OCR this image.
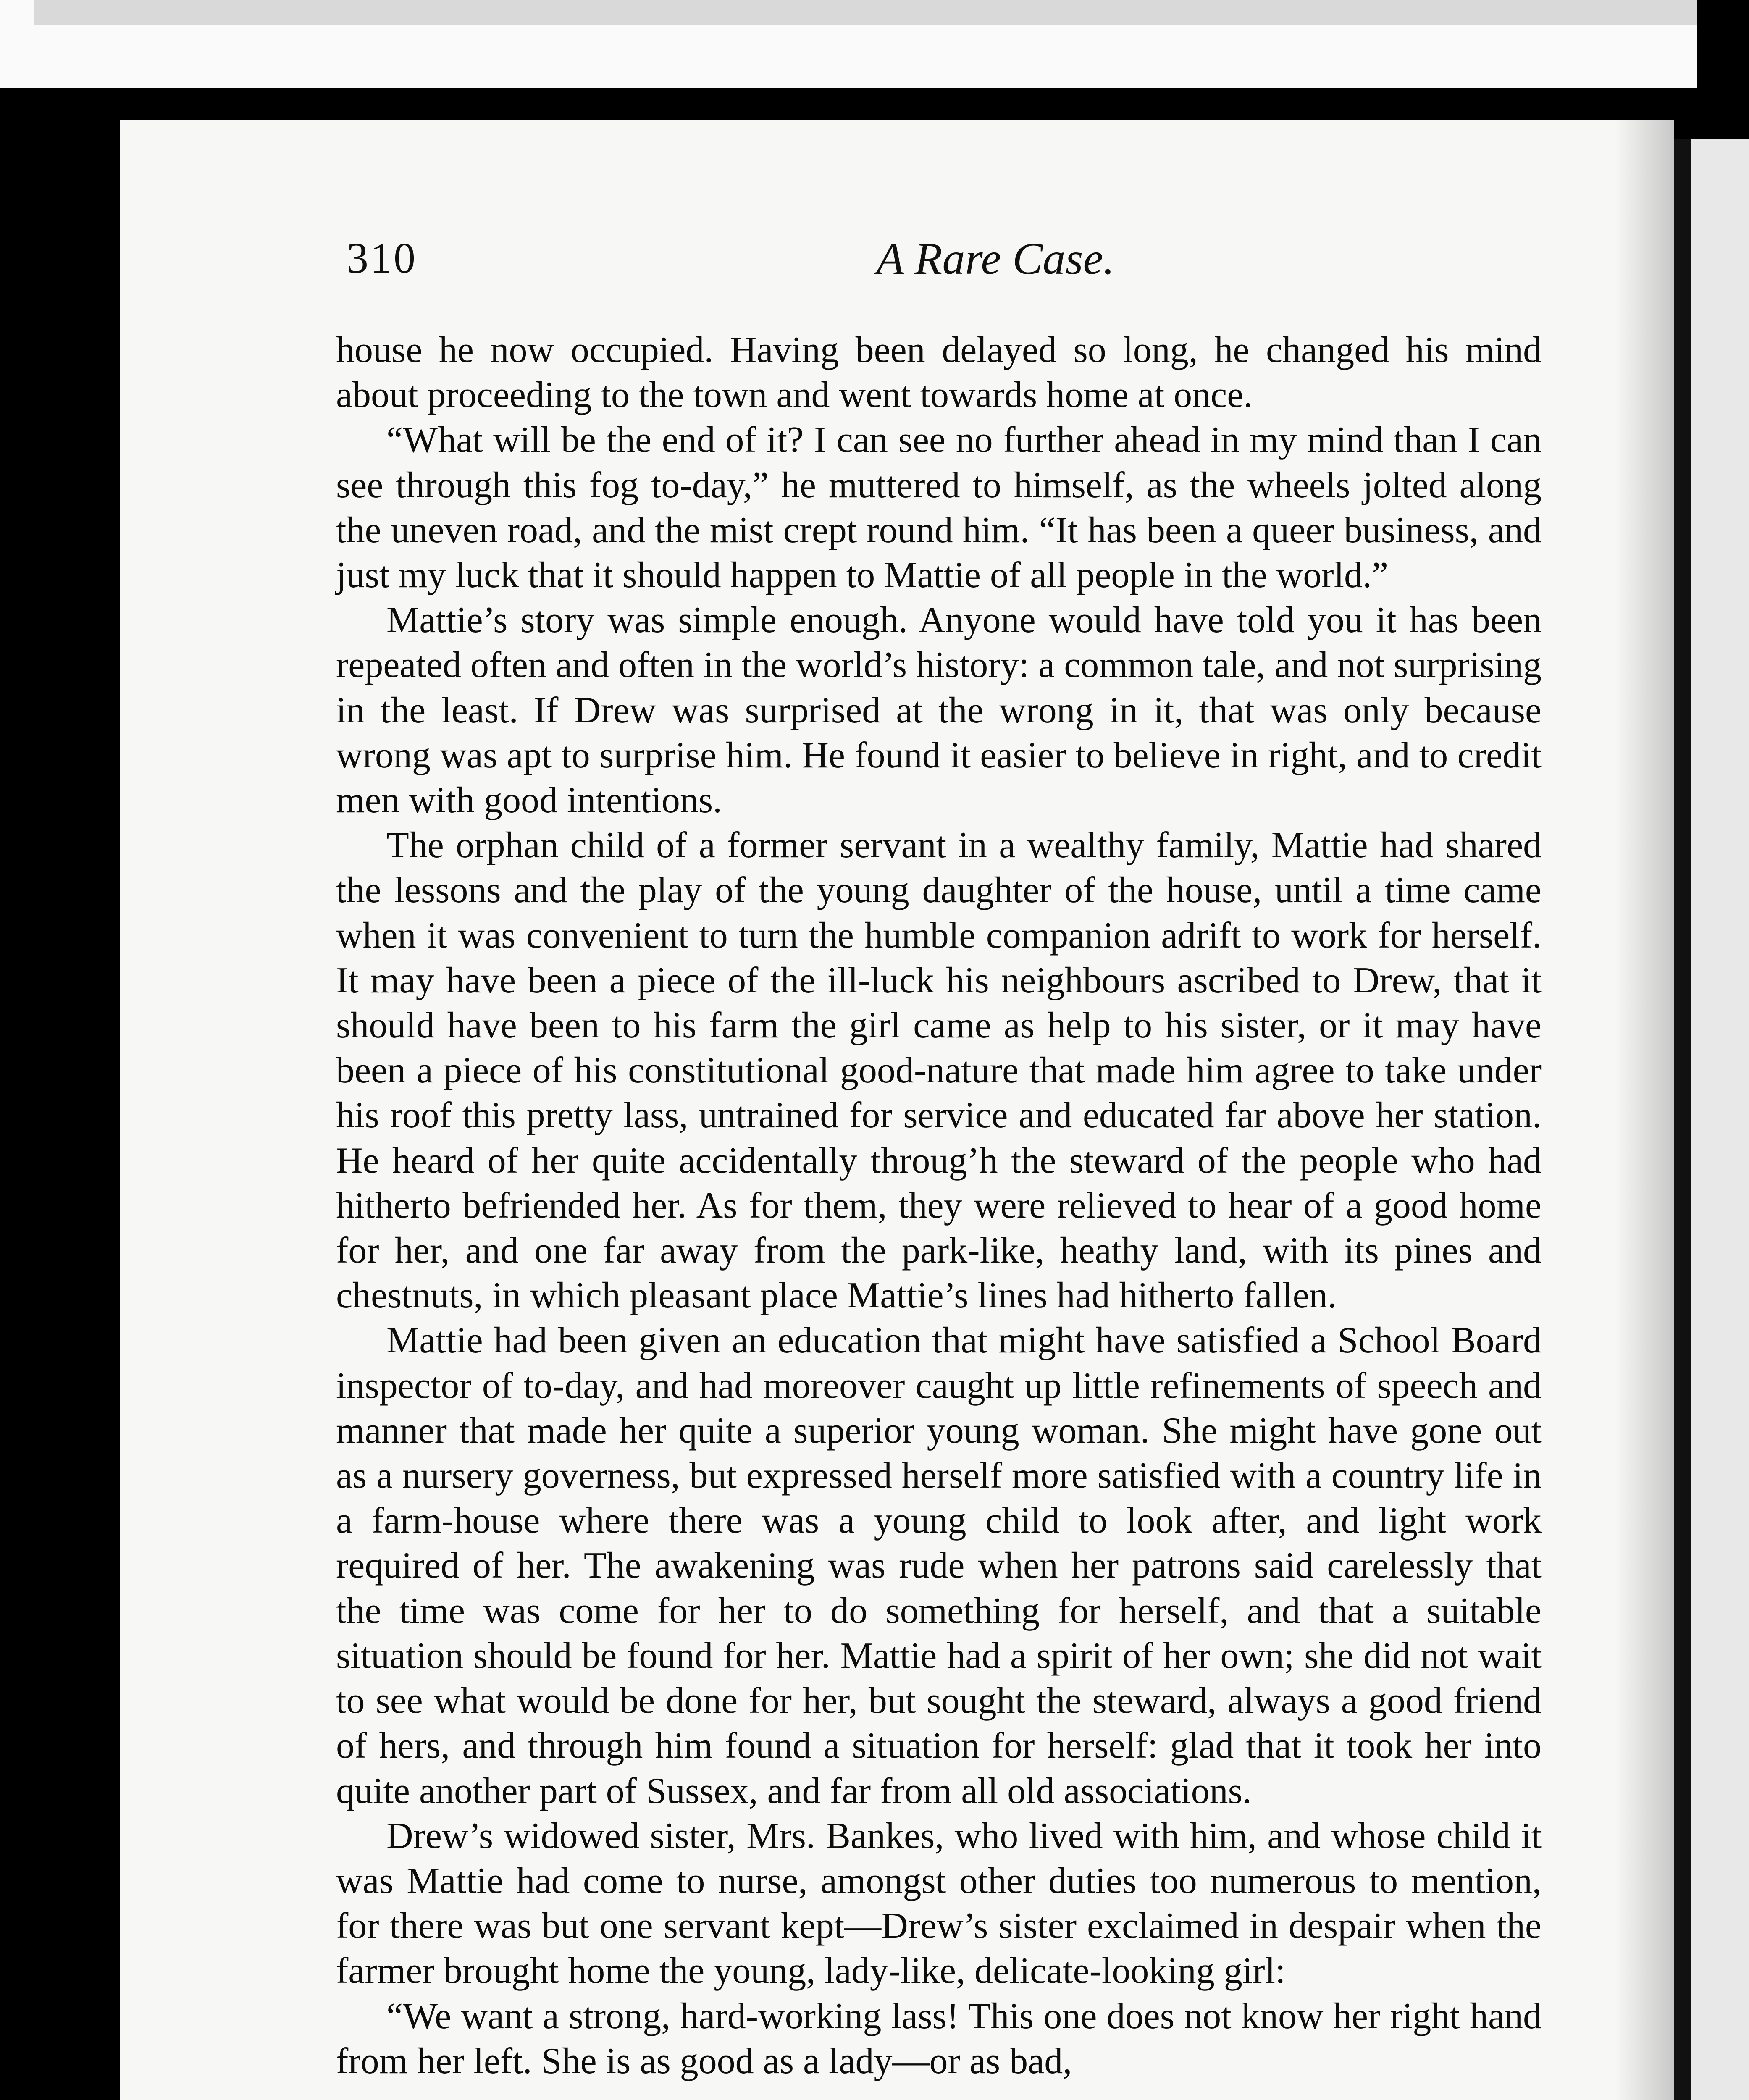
310	A Rare Case.

house he now occupied. Having been delayed so long, he changed his mind about proceeding to the town and went towards home at once.

“What will be the end of it? I can see no further ahead in my mind than I can see through this fog to-day,” he muttered to himself, as the wheels jolted along the uneven road, and the mist crept round him. “It has been a queer business, and just my luck that it should happen to Mattie of all people in the world.”

Mattie’s story was simple enough. Anyone would have told you it has been repeated often and often in the world’s history: a common tale, and not surprising in the least. If Drew was surprised at the wrong in it, that was only because wrong was apt to surprise him. He found it easier to believe in right, and to credit men with good intentions.

The orphan child of a former servant in a wealthy family, Mattie had shared the lessons and the play of the young daughter of the house, until a time came when it was convenient to turn the humble companion adrift to work for herself. It may have been a piece of the ill-luck his neighbours ascribed to Drew, that it should have been to his farm the girl came as help to his sister, or it may have been a piece of his constitutional good-nature that made him agree to take under his roof this pretty lass, untrained for service and educated far above her station. He heard of her quite accidentally throug’h the steward of the people who had hitherto befriended her. As for them, they were relieved to hear of a good home for her, and one far away from the park-like, heathy land, with its pines and chestnuts, in which pleasant place Mattie’s lines had hitherto fallen.

Mattie had been given an education that might have satisfied a School Board inspector of to-day, and had moreover caught up little refinements of speech and manner that made her quite a superior young woman. She might have gone out as a nursery governess, but expressed herself more satisfied with a country life in a farm-house where there was a young child to look after, and light work required of her. The awakening was rude when her patrons said carelessly that the time was come for her to do something for herself, and that a suitable situation should be found for her. Mattie had a spirit of her own; she did not wait to see what would be done for her, but sought the steward, always a good friend of hers, and through him found a situation for herself: glad that it took her into quite another part of Sussex, and far from all old associations.

Drew’s widowed sister, Mrs. Bankes, who lived with him, and whose child it was Mattie had come to nurse, amongst other duties too numerous to mention, for there was but one servant kept—Drew’s sister exclaimed in despair when the farmer brought home the young, lady-like, delicate-looking girl:

“We want a strong, hard-working lass! This one does not know her right hand from her left. She is as good as a lady—or as bad,
